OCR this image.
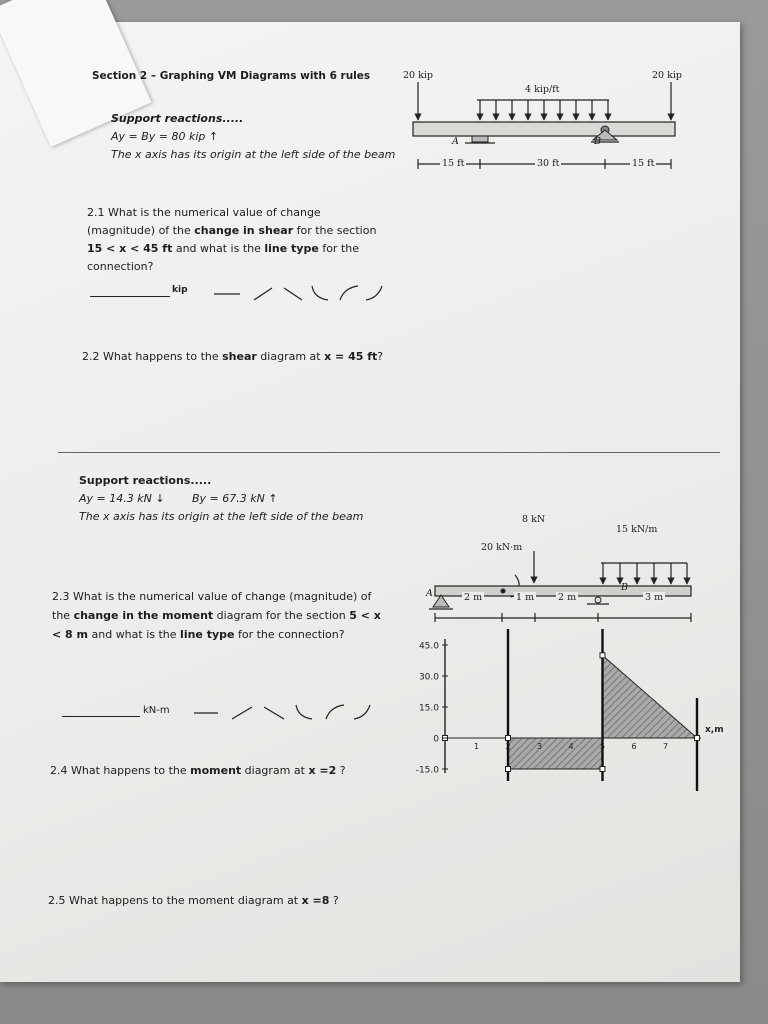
Section 2 – Graphing VM Diagrams with 6 rules
Support reactions.....
Ay = By = 80 kip ↑
The x axis has its origin at the left side of the beam
20 kip	20 kip
4 kip/ft
A	B
15 ft	30 ft	15 ft
2.1 What is the numerical value of change
(magnitude) of the change in shear for the section
15 < x < 45 ft and what is the line type for the
connection?
kip
2.2 What happens to the shear diagram at x = 45 ft?
Support reactions.....
Ay = 14.3 kN ↓ By = 67.3 kN ↑
The x axis has its origin at the left side of the beam	8 kN
20 kN·m
15 kN/m
A
B
2 m	1 m	2 m	3 m
45.0
30.0
15.0
0
-15.0
1	2	3	4	5	6	7
x,m
2.3 What is the numerical value of change (magnitude) of
the change in the moment diagram for the section 5 < x
< 8 m and what is the line type for the connection?
kN-m
2.4 What happens to the moment diagram at x =2 ?
2.5 What happens to the moment diagram at x =8 ?
